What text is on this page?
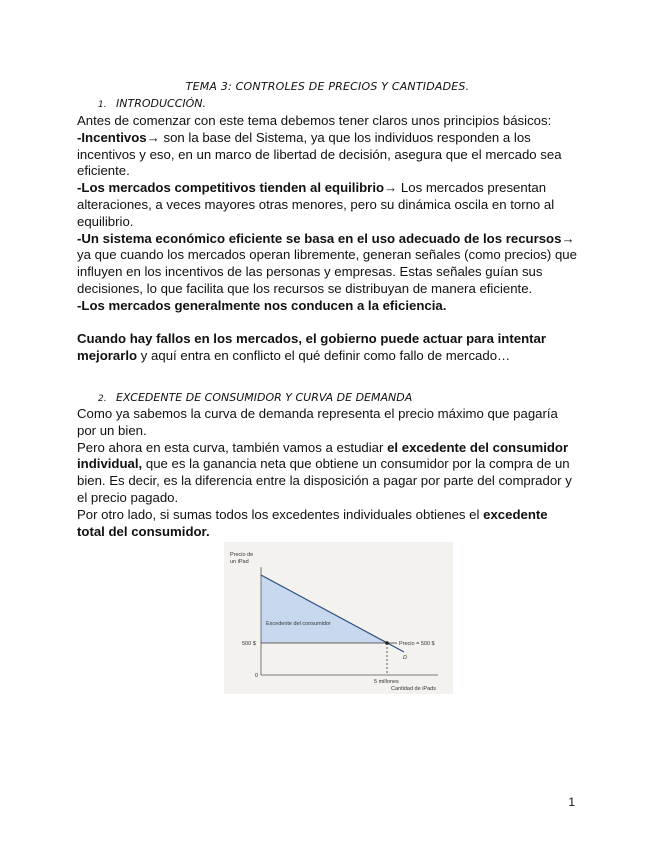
TEMA 3: CONTROLES DE PRECIOS Y CANTIDADES.
1. INTRODUCCIÓN.

Antes de comenzar con este tema debemos tener claros unos principios básicos:

-Incentivos→ son la base del Sistema, ya que los individuos responden a los incentivos y eso, en un marco de libertad de decisión, asegura que el mercado sea eficiente.

-Los mercados competitivos tienden al equilibrio→ Los mercados presentan alteraciones, a veces mayores otras menores, pero su dinámica oscila en torno al equilibrio.

-Un sistema económico eficiente se basa en el uso adecuado de los recursos→ ya que cuando los mercados operan libremente, generan señales (como precios) que influyen en los incentivos de las personas y empresas. Estas señales guían sus decisiones, lo que facilita que los recursos se distribuyan de manera eficiente.

-Los mercados generalmente nos conducen a la eficiencia.

Cuando hay fallos en los mercados, el gobierno puede actuar para intentar mejorarlo y aquí entra en conflicto el qué definir como fallo de mercado…

2. EXCEDENTE DE CONSUMIDOR Y CURVA DE DEMANDA

Como ya sabemos la curva de demanda representa el precio máximo que pagaría por un bien.

Pero ahora en esta curva, también vamos a estudiar el excedente del consumidor individual, que es la ganancia neta que obtiene un consumidor por la compra de un bien. Es decir, es la diferencia entre la disposición a pagar por parte del comprador y el precio pagado.

Por otro lado, si sumas todos los excedentes individuales obtienes el excedente total del consumidor.

Precio de
un iPad
Excedente del consumidor
500 $
0
Precio = 500 $
D
5 millones
Cantidad de iPads
1
